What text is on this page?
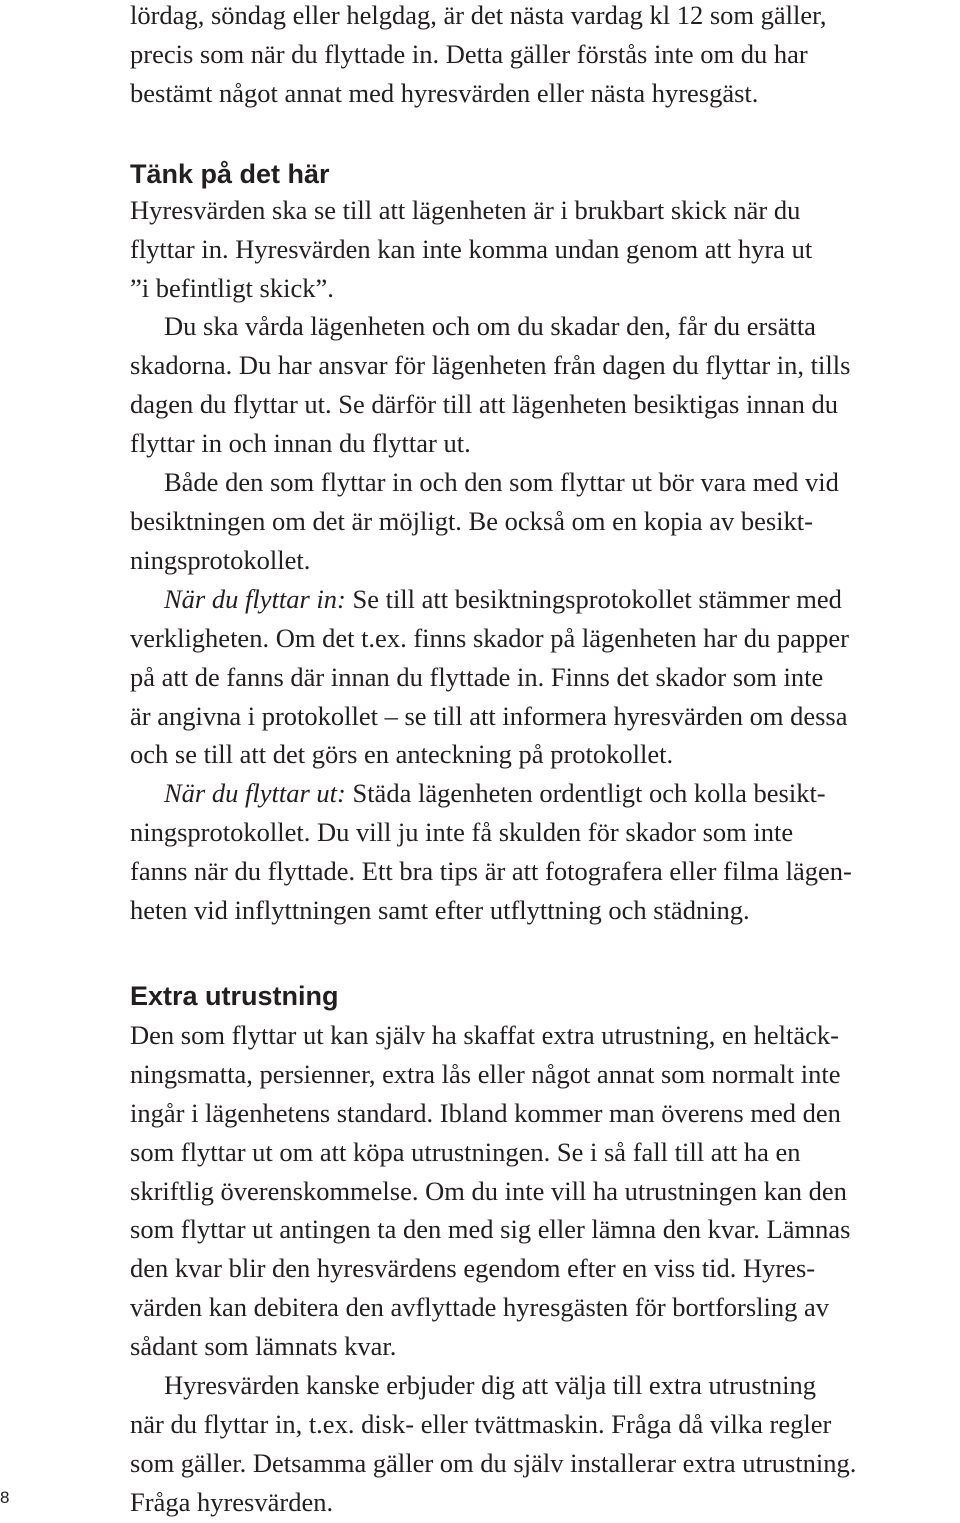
lördag, söndag eller helgdag, är det nästa vardag kl 12 som gäller,
precis som när du flyttade in. Detta gäller förstås inte om du har
bestämt något annat med hyresvärden eller nästa hyresgäst.

Tänk på det här

Hyresvärden ska se till att lägenheten är i brukbart skick när du
flyttar in. Hyresvärden kan inte komma undan genom att hyra ut
”i befintligt skick”.

Du ska vårda lägenheten och om du skadar den, får du ersätta
skadorna. Du har ansvar för lägenheten från dagen du flyttar in, tills
dagen du flyttar ut. Se därför till att lägenheten besiktigas innan du
flyttar in och innan du flyttar ut.

Både den som flyttar in och den som flyttar ut bör vara med vid
besiktningen om det är möjligt. Be också om en kopia av besikt-
ningsprotokollet.

När du flyttar in: Se till att besiktningsprotokollet stämmer med
verkligheten. Om det t.ex. finns skador på lägenheten har du papper
på att de fanns där innan du flyttade in. Finns det skador som inte
är angivna i protokollet – se till att informera hyresvärden om dessa
och se till att det görs en anteckning på protokollet.

När du flyttar ut: Städa lägenheten ordentligt och kolla besikt-
ningsprotokollet. Du vill ju inte få skulden för skador som inte
fanns när du flyttade. Ett bra tips är att fotografera eller filma lägen-
heten vid inflyttningen samt efter utflyttning och städning.

Extra utrustning

Den som flyttar ut kan själv ha skaffat extra utrustning, en heltäck-
ningsmatta, persienner, extra lås eller något annat som normalt inte
ingår i lägenhetens standard. Ibland kommer man överens med den
som flyttar ut om att köpa utrustningen. Se i så fall till att ha en
skriftlig överenskommelse. Om du inte vill ha utrustningen kan den
som flyttar ut antingen ta den med sig eller lämna den kvar. Lämnas
den kvar blir den hyresvärdens egendom efter en viss tid. Hyres-
värden kan debitera den avflyttade hyresgästen för bortforsling av
sådant som lämnats kvar.

Hyresvärden kanske erbjuder dig att välja till extra utrustning
när du flyttar in, t.ex. disk- eller tvättmaskin. Fråga då vilka regler
som gäller. Detsamma gäller om du själv installerar extra utrustning.
Fråga hyresvärden.

8
